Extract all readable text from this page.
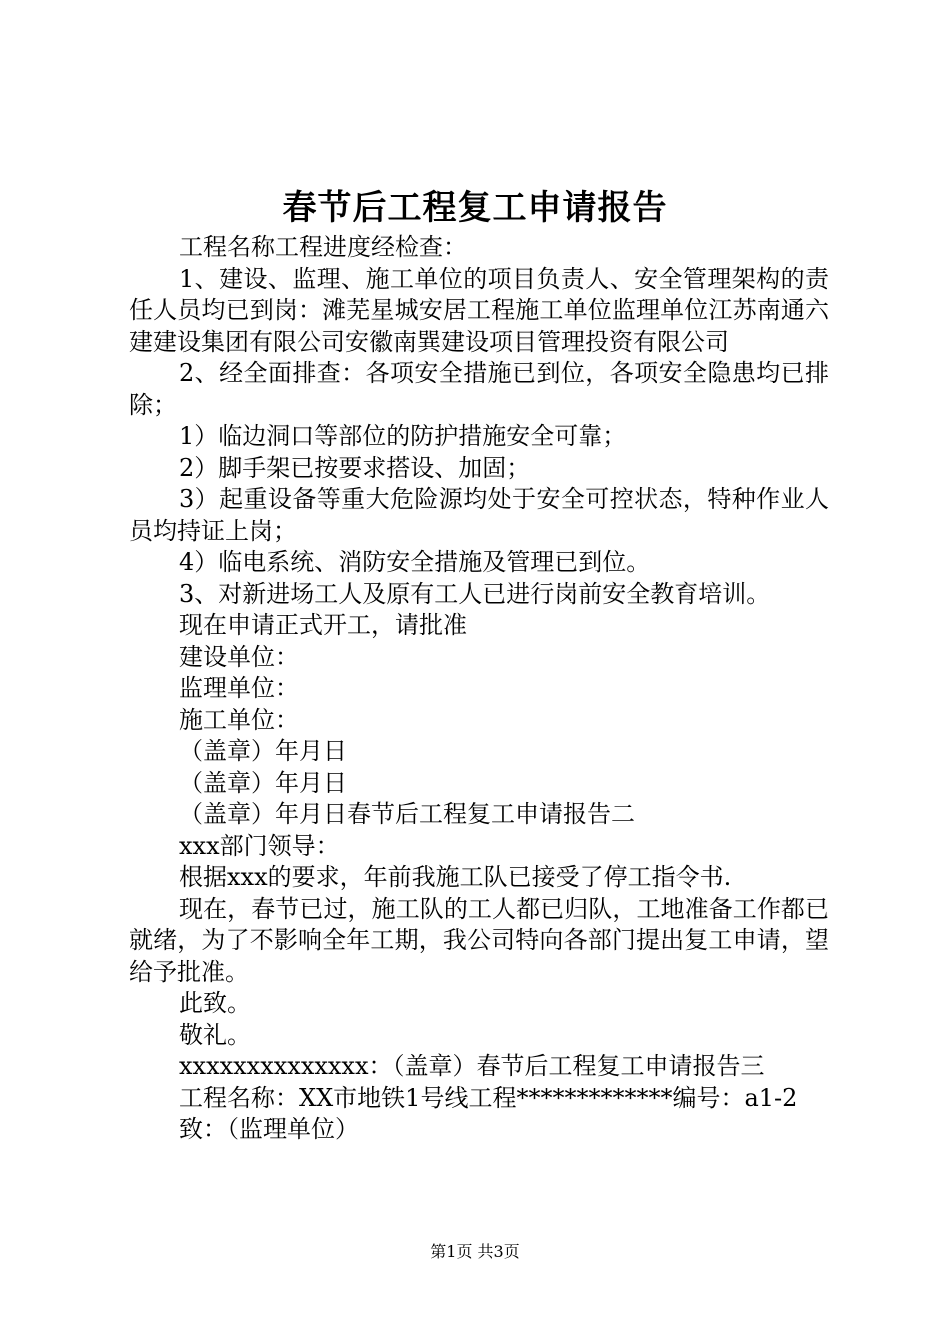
春节后工程复工申请报告

工程名称工程进度经检查：

1、建设、监理、施工单位的项目负责人、安全管理架构的责任人员均已到岗：滩芜星城安居工程施工单位监理单位江苏南通六建建设集团有限公司安徽南巽建设项目管理投资有限公司

2、经全面排查：各项安全措施已到位，各项安全隐患均已排除；

1）临边洞口等部位的防护措施安全可靠；

2）脚手架已按要求搭设、加固；

3）起重设备等重大危险源均处于安全可控状态，特种作业人员均持证上岗；

4）临电系统、消防安全措施及管理已到位。

3、对新进场工人及原有工人已进行岗前安全教育培训。

现在申请正式开工，请批准

建设单位：

监理单位：

施工单位：

（盖章）年月日

（盖章）年月日

（盖章）年月日春节后工程复工申请报告二

xxx部门领导：

根据xxx的要求，年前我施工队已接受了停工指令书.

现在，春节已过，施工队的工人都已归队，工地准备工作都已就绪，为了不影响全年工期，我公司特向各部门提出复工申请，望给予批准。

此致。

敬礼。

xxxxxxxxxxxxxx：（盖章）春节后工程复工申请报告三

工程名称：XX市地铁1号线工程*************编号：a1-2

致：（监理单位）

第1页 共3页
